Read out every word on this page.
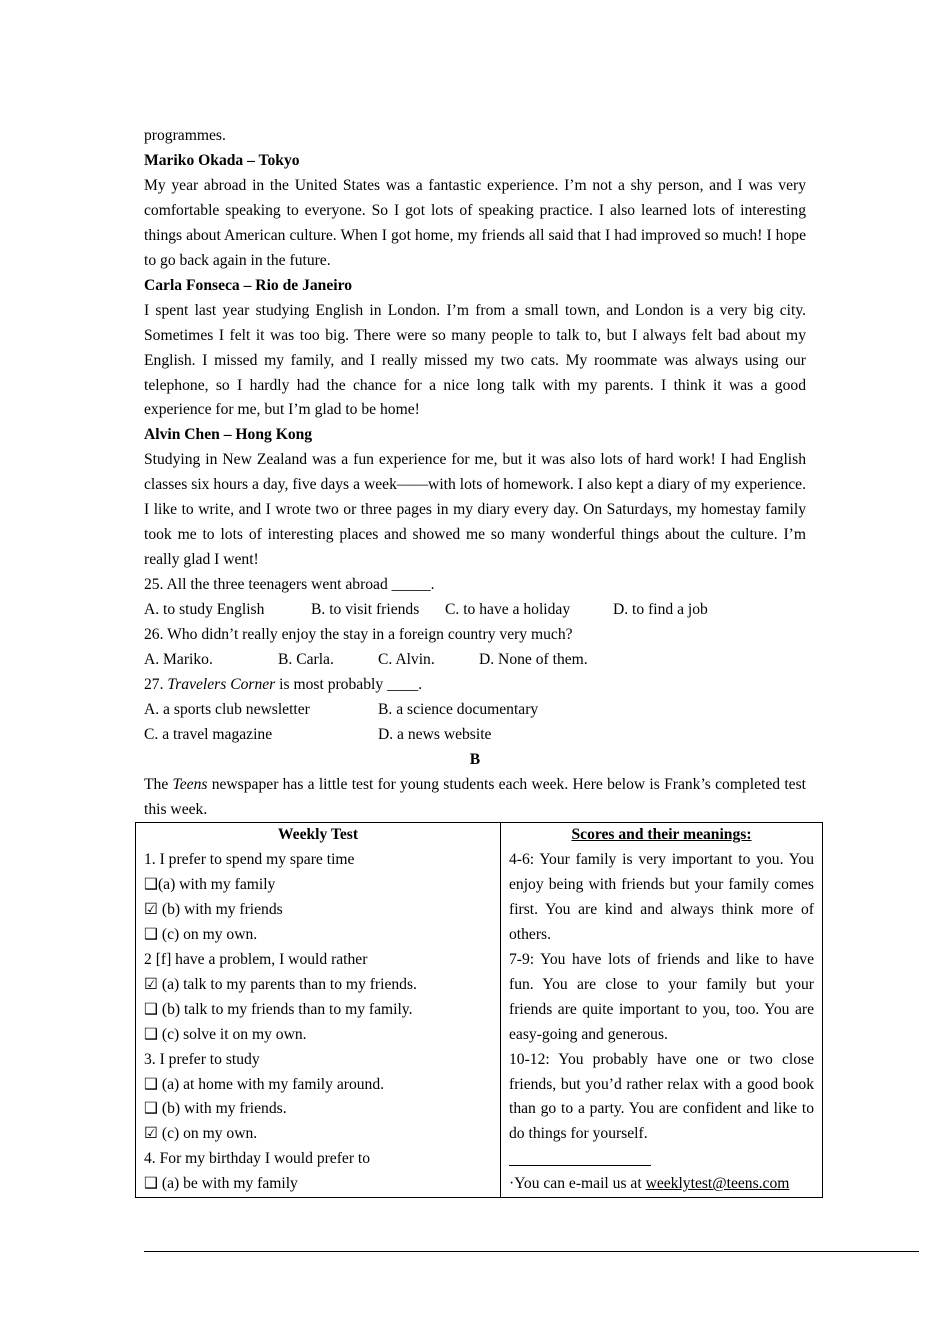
programmes.

Mariko Okada – Tokyo

My year abroad in the United States was a fantastic experience. I’m not a shy person, and I was very comfortable speaking to everyone. So I got lots of speaking practice. I also learned lots of interesting things about American culture. When I got home, my friends all said that I had improved so much! I hope to go back again in the future.

Carla Fonseca – Rio de Janeiro

I spent last year studying English in London. I’m from a small town, and London is a very big city. Sometimes I felt it was too big. There were so many people to talk to, but I always felt bad about my English. I missed my family, and I really missed my two cats. My roommate was always using our telephone, so I hardly had the chance for a nice long talk with my parents. I think it was a good experience for me, but I’m glad to be home!

Alvin Chen – Hong Kong

Studying in New Zealand was a fun experience for me, but it was also lots of hard work! I had English classes six hours a day, five days a week——with lots of homework. I also kept a diary of my experience. I like to write, and I wrote two or three pages in my diary every day. On Saturdays, my homestay family took me to lots of interesting places and showed me so many wonderful things about the culture. I’m really glad I went!

25. All the three teenagers went abroad _____.

A. to study English	B. to visit friends	C. to have a holiday	D. to find a job

26. Who didn’t really enjoy the stay in a foreign country very much?

A. Mariko.	B. Carla.	C. Alvin.	D. None of them.

27. Travelers Corner is most probably ____.

A. a sports club newsletter	B. a science documentary
C. a travel magazine	D. a news website

B

The Teens newspaper has a little test for young students each week. Here below is Frank’s completed test this week.

Weekly Test
1. I prefer to spend my spare time
❑(a) with my family
☑ (b) with my friends
❑ (c) on my own.
2 [f] have a problem, I would rather
☑ (a) talk to my parents than to my friends.
❑ (b) talk to my friends than to my family.
❑ (c) solve it on my own.
3. I prefer to study
❑ (a) at home with my family around.
❑ (b) with my friends.
☑ (c) on my own.
4. For my birthday I would prefer to
❑ (a) be with my family

Scores and their meanings:

4-6: Your family is very important to you. You enjoy being with friends but your family comes first. You are kind and always think more of others.

7-9: You have lots of friends and like to have fun. You are close to your family but your friends are quite important to you, too. You are easy-going and generous.

10-12: You probably have one or two close friends, but you’d rather relax with a good book than go to a party. You are confident and like to do things for yourself.

·You can e-mail us at weeklytest@teens.com
